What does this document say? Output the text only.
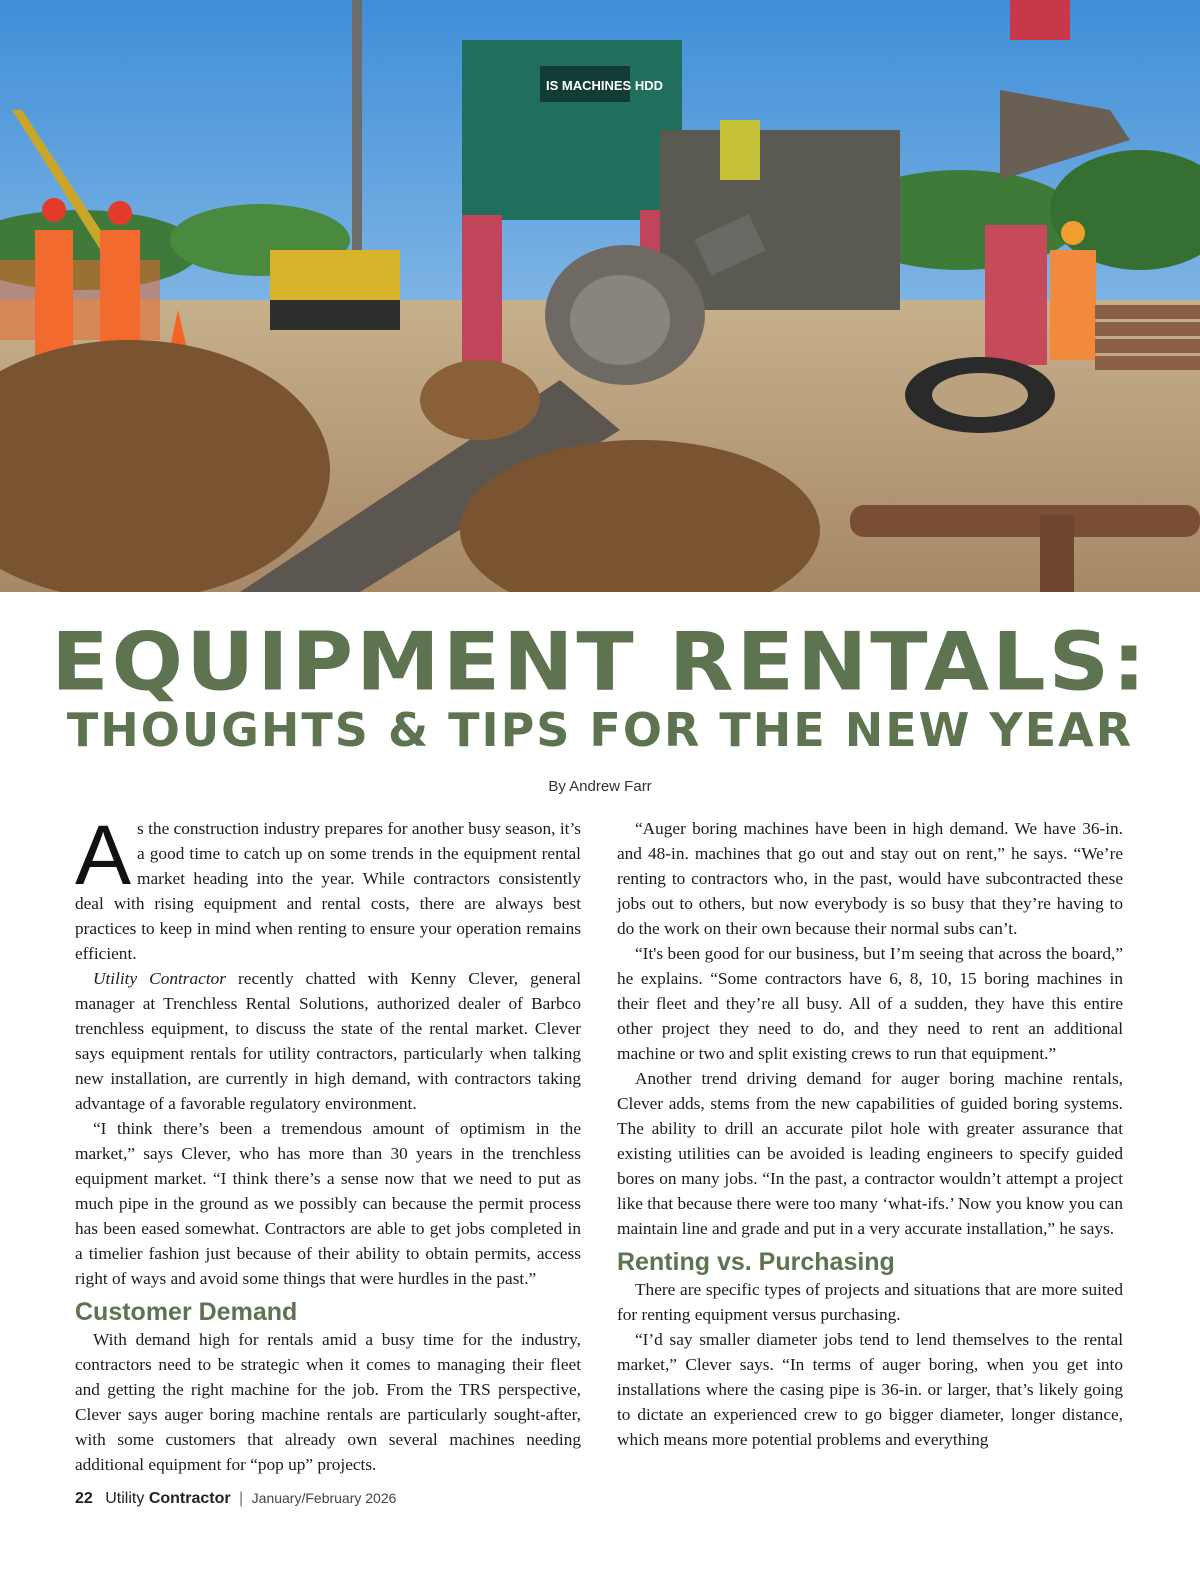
IS MACHINES HDD
EQUIPMENT RENTALS:
THOUGHTS & TIPS FOR THE NEW YEAR
By Andrew Farr

As the construction industry prepares for another busy season, it’s a good time to catch up on some trends in the equipment rental market heading into the year. While contractors consistently deal with rising equipment and rental costs, there are always best practices to keep in mind when renting to ensure your operation remains efficient.

Utility Contractor recently chatted with Kenny Clever, general manager at Trenchless Rental Solutions, authorized dealer of Barbco trenchless equipment, to discuss the state of the rental market. Clever says equipment rentals for utility contractors, particularly when talking new installation, are currently in high demand, with contractors taking advantage of a favorable regulatory environment.

“I think there’s been a tremendous amount of optimism in the market,” says Clever, who has more than 30 years in the trenchless equipment market. “I think there’s a sense now that we need to put as much pipe in the ground as we possibly can because the permit process has been eased somewhat. Contractors are able to get jobs completed in a timelier fashion just because of their ability to obtain permits, access right of ways and avoid some things that were hurdles in the past.”

Customer Demand

With demand high for rentals amid a busy time for the industry, contractors need to be strategic when it comes to managing their fleet and getting the right machine for the job. From the TRS perspective, Clever says auger boring machine rentals are particularly sought-after, with some customers that already own several machines needing additional equipment for “pop up” projects.

“Auger boring machines have been in high demand. We have 36-in. and 48-in. machines that go out and stay out on rent,” he says. “We’re renting to contractors who, in the past, would have subcontracted these jobs out to others, but now everybody is so busy that they’re having to do the work on their own because their normal subs can’t.

“It's been good for our business, but I’m seeing that across the board,” he explains. “Some contractors have 6, 8, 10, 15 boring machines in their fleet and they’re all busy. All of a sudden, they have this entire other project they need to do, and they need to rent an additional machine or two and split existing crews to run that equipment.”

Another trend driving demand for auger boring machine rentals, Clever adds, stems from the new capabilities of guided boring systems. The ability to drill an accurate pilot hole with greater assurance that existing utilities can be avoided is leading engineers to specify guided bores on many jobs. “In the past, a contractor wouldn’t attempt a project like that because there were too many ‘what-ifs.’ Now you know you can maintain line and grade and put in a very accurate installation,” he says.

Renting vs. Purchasing

There are specific types of projects and situations that are more suited for renting equipment versus purchasing.

“I’d say smaller diameter jobs tend to lend themselves to the rental market,” Clever says. “In terms of auger boring, when you get into installations where the casing pipe is 36-in. or larger, that’s likely going to dictate an experienced crew to go bigger diameter, longer distance, which means more potential problems and everything

22 Utility Contractor | January/February 2026
